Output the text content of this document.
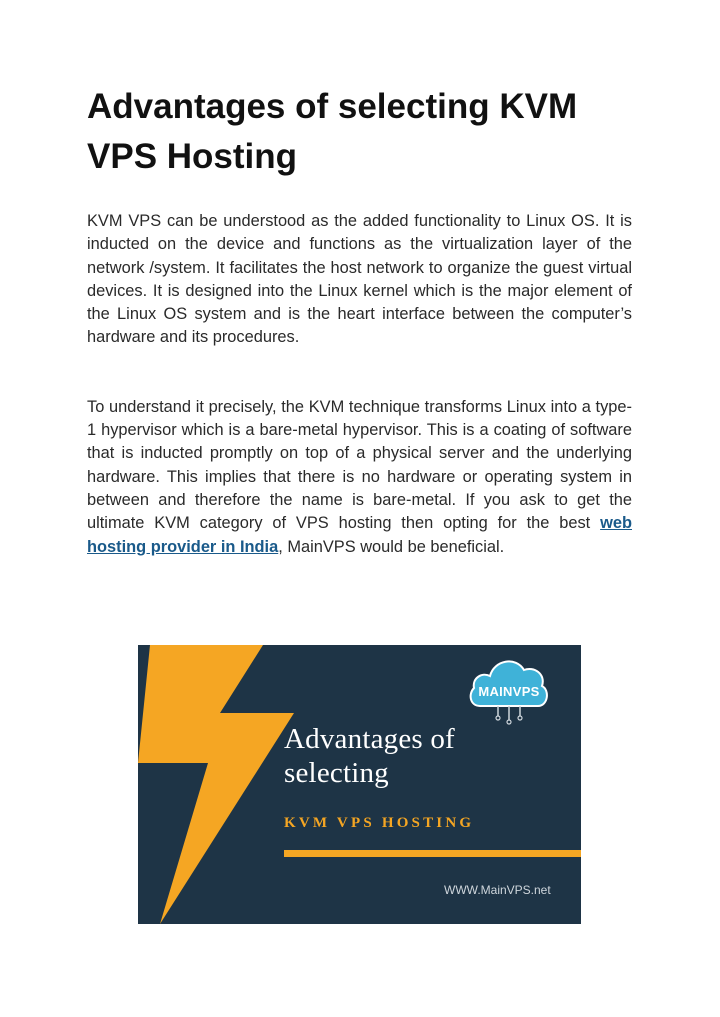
Advantages of selecting KVM VPS Hosting

KVM VPS can be understood as the added functionality to Linux OS. It is inducted on the device and functions as the virtualization layer of the network /system. It facilitates the host network to organize the guest virtual devices. It is designed into the Linux kernel which is the major element of the Linux OS system and is the heart interface between the computer’s hardware and its procedures.

To understand it precisely, the KVM technique transforms Linux into a type-1 hypervisor which is a bare-metal hypervisor. This is a coating of software that is inducted promptly on top of a physical server and the underlying hardware. This implies that there is no hardware or operating system in between and therefore the name is bare-metal. If you ask to get the ultimate KVM category of VPS hosting then opting for the best web hosting provider in India, MainVPS would be beneficial.

MAINVPS
Advantages of
selecting
KVM VPS HOSTING
WWW.MainVPS.net
